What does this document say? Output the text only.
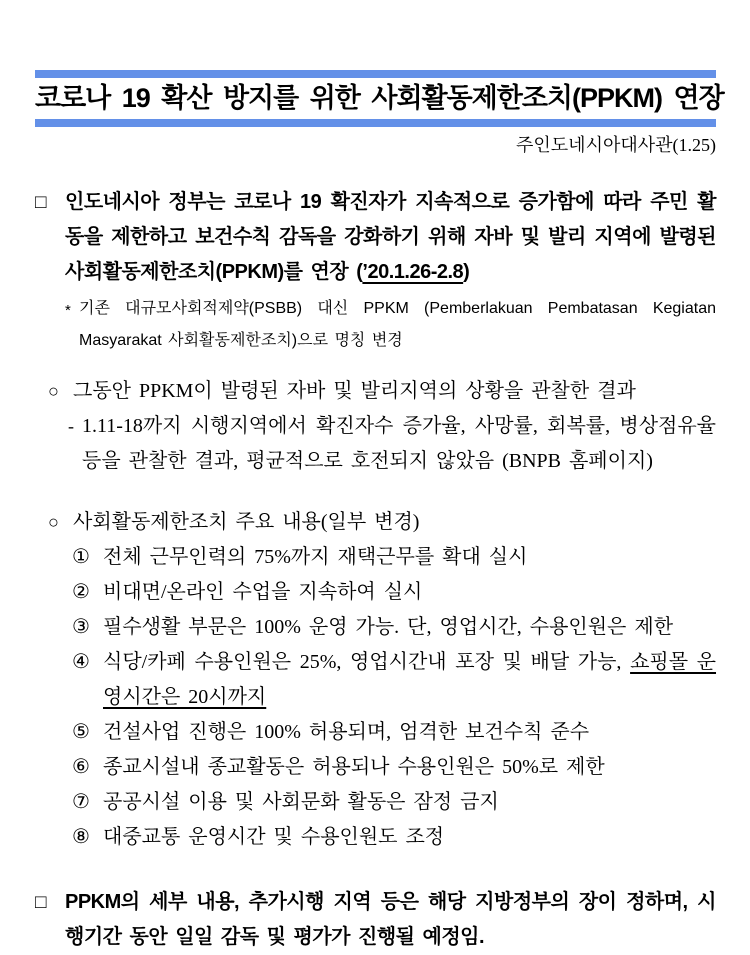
코로나 19 확산 방지를 위한 사회활동제한조치(PPKM) 연장
주인도네시아대사관(1.25)
□ 인도네시아 정부는 코로나 19 확진자가 지속적으로 증가함에 따라 주민 활동을 제한하고 보건수칙 감독을 강화하기 위해 자바 및 발리 지역에 발령된 사회활동제한조치(PPKM)를 연장 (’20.1.26-2.8)

* 기존 대규모사회적제약(PSBB) 대신 PPKM (Pemberlakuan Pembatasan Kegiatan Masyarakat 사회활동제한조치)으로 명칭 변경

○ 그동안 PPKM이 발령된 자바 및 발리지역의 상황을 관찰한 결과

- 1.11-18까지 시행지역에서 확진자수 증가율, 사망률, 회복률, 병상점유율 등을 관찰한 결과, 평균적으로 호전되지 않았음 (BNPB 홈페이지)

○ 사회활동제한조치 주요 내용(일부 변경)

① 전체 근무인력의 75%까지 재택근무를 확대 실시

② 비대면/온라인 수업을 지속하여 실시

③ 필수생활 부문은 100% 운영 가능. 단, 영업시간, 수용인원은 제한

④ 식당/카페 수용인원은 25%, 영업시간내 포장 및 배달 가능, 쇼핑몰 운영시간은 20시까지

⑤ 건설사업 진행은 100% 허용되며, 엄격한 보건수칙 준수

⑥ 종교시설내 종교활동은 허용되나 수용인원은 50%로 제한

⑦ 공공시설 이용 및 사회문화 활동은 잠정 금지

⑧ 대중교통 운영시간 및 수용인원도 조정

□ PPKM의 세부 내용, 추가시행 지역 등은 해당 지방정부의 장이 정하며, 시행기간 동안 일일 감독 및 평가가 진행될 예정임.
